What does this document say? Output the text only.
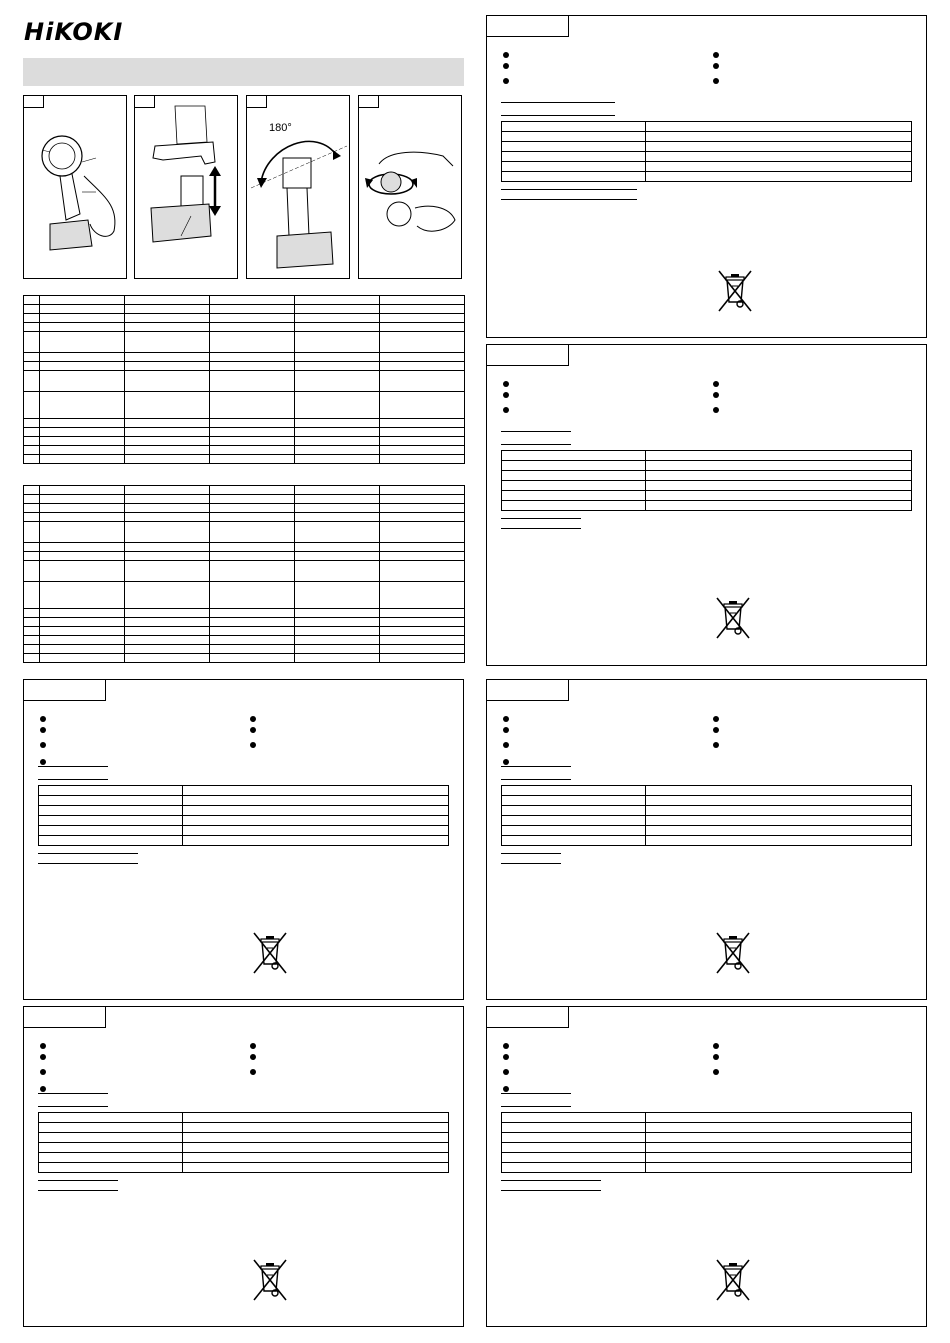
HiKOKI
180°
